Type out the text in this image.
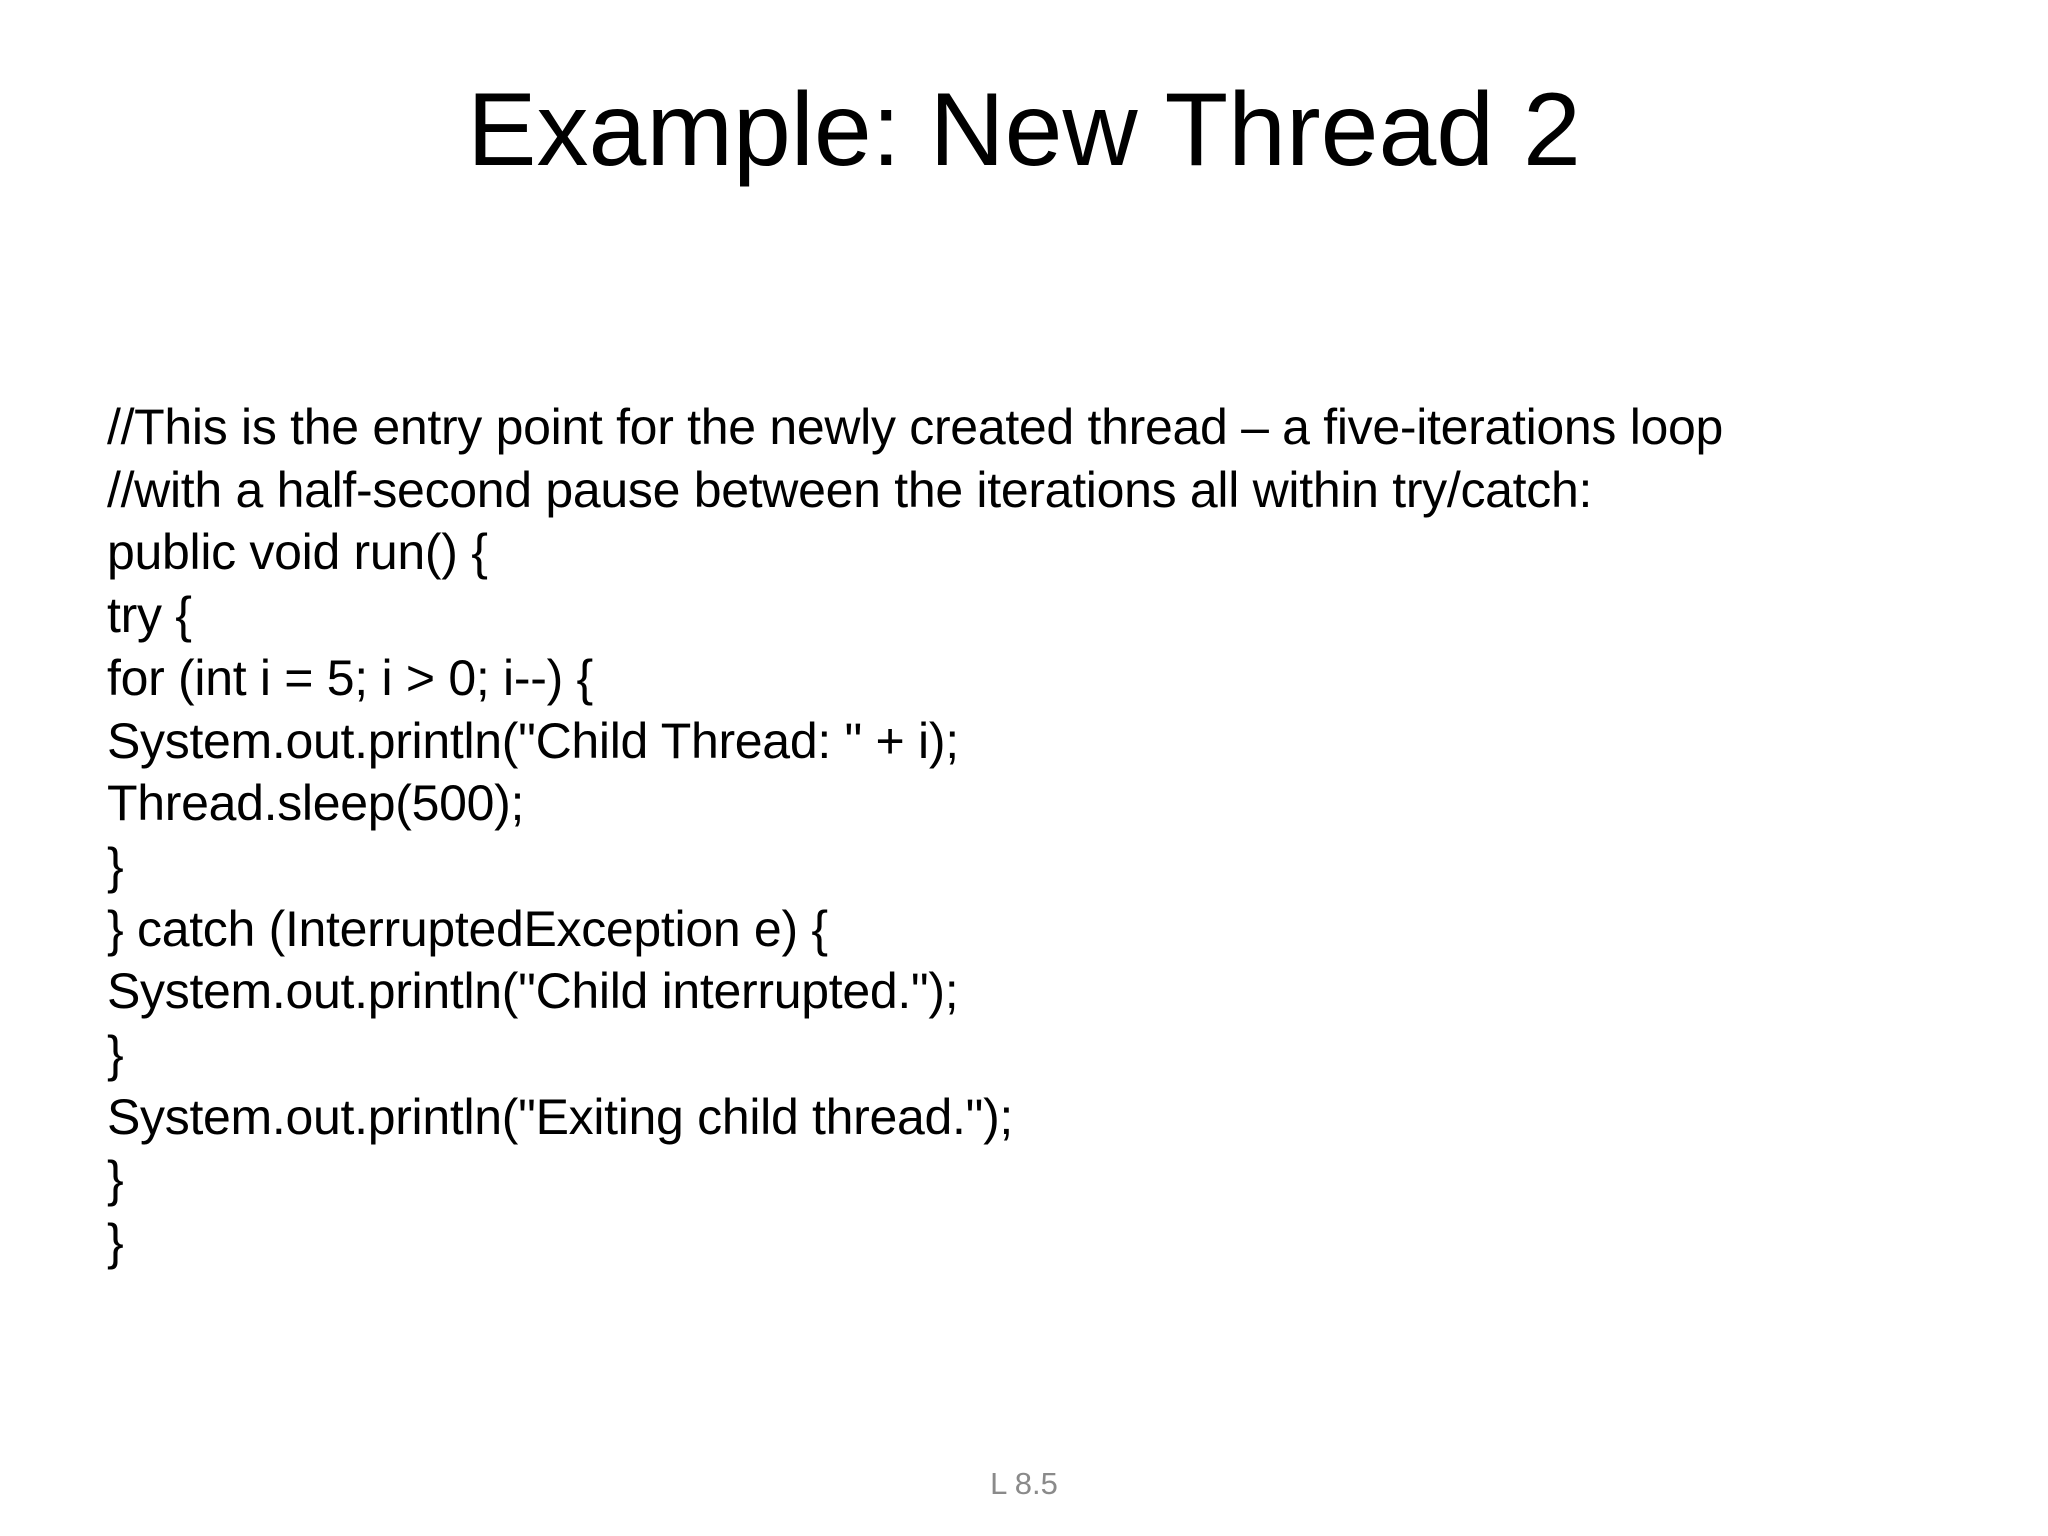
Example: New Thread 2
//This is the entry point for the newly created thread – a five-iterations loop
//with a half-second pause between the iterations all within try/catch:
public void run() {
try {
for (int i = 5; i > 0; i--) {
System.out.println("Child Thread: " + i);
Thread.sleep(500);
}
} catch (InterruptedException e) {
System.out.println("Child interrupted.");
}
System.out.println("Exiting child thread.");
}
}
L 8.5
